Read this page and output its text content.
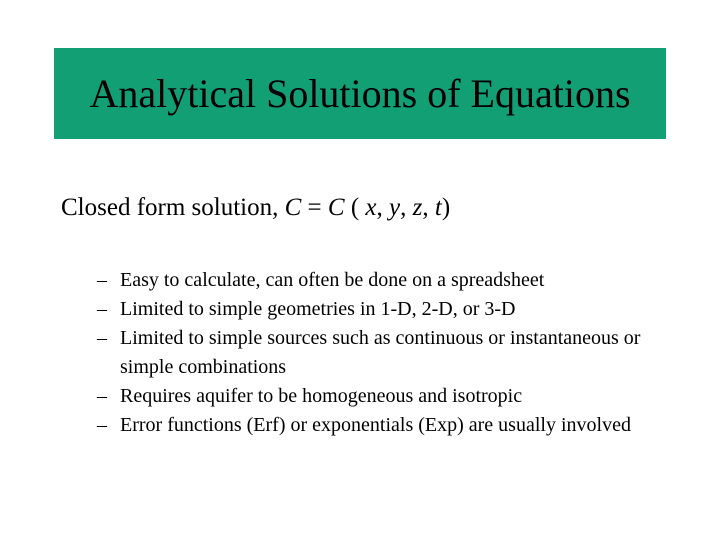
Analytical Solutions of Equations
Closed form solution, C = C ( x, y, z, t)
– Easy to calculate, can often be done on a spreadsheet
– Limited to simple geometries in 1-D, 2-D, or 3-D
– Limited to simple sources such as continuous or instantaneous or simple combinations
– Requires aquifer to be homogeneous and isotropic
– Error functions (Erf) or exponentials (Exp) are usually involved
